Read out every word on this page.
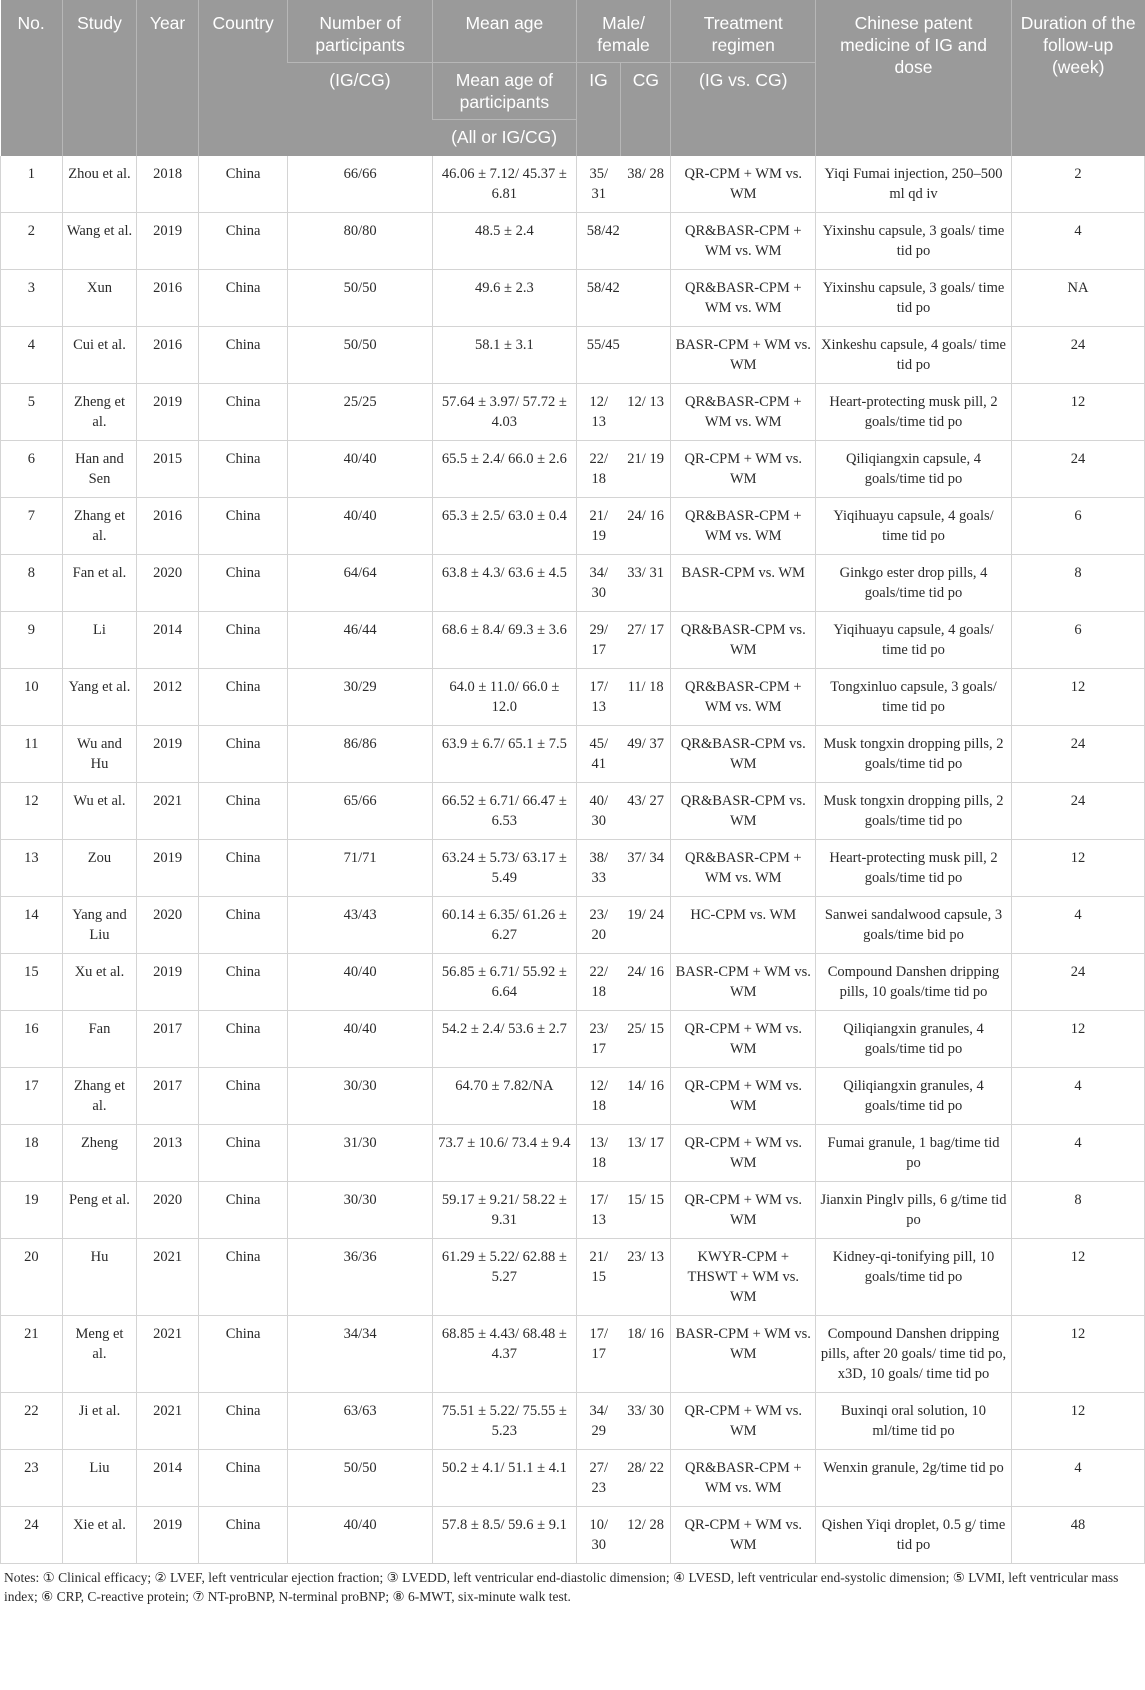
No.	Study	Year	Country	Number of participants	Mean age	Male/ female		Treatment regimen	Chinese patent medicine of IG and dose	Duration of the follow-up (week)
				(IG/CG)	Mean age of participants	IG	CG	(IG vs. CG)		
					(All or IG/CG)					
1	Zhou et al.	2018	China	66/66	46.06 ± 7.12/ 45.37 ± 6.81	35/ 31	38/ 28	QR-CPM + WM vs. WM	Yiqi Fumai injection, 250–500 ml qd iv	2
2	Wang et al.	2019	China	80/80	48.5 ± 2.4	58/42		QR&BASR-CPM + WM vs. WM	Yixinshu capsule, 3 goals/ time tid po	4
3	Xun	2016	China	50/50	49.6 ± 2.3	58/42		QR&BASR-CPM + WM vs. WM	Yixinshu capsule, 3 goals/ time tid po	NA
4	Cui et al.	2016	China	50/50	58.1 ± 3.1	55/45		BASR-CPM + WM vs. WM	Xinkeshu capsule, 4 goals/ time tid po	24
5	Zheng et al.	2019	China	25/25	57.64 ± 3.97/ 57.72 ± 4.03	12/ 13	12/ 13	QR&BASR-CPM + WM vs. WM	Heart-protecting musk pill, 2 goals/time tid po	12
6	Han and Sen	2015	China	40/40	65.5 ± 2.4/ 66.0 ± 2.6	22/ 18	21/ 19	QR-CPM + WM vs. WM	Qiliqiangxin capsule, 4 goals/time tid po	24
7	Zhang et al.	2016	China	40/40	65.3 ± 2.5/ 63.0 ± 0.4	21/ 19	24/ 16	QR&BASR-CPM + WM vs. WM	Yiqihuayu capsule, 4 goals/ time tid po	6
8	Fan et al.	2020	China	64/64	63.8 ± 4.3/ 63.6 ± 4.5	34/ 30	33/ 31	BASR-CPM vs. WM	Ginkgo ester drop pills, 4 goals/time tid po	8
9	Li	2014	China	46/44	68.6 ± 8.4/ 69.3 ± 3.6	29/ 17	27/ 17	QR&BASR-CPM vs. WM	Yiqihuayu capsule, 4 goals/ time tid po	6
10	Yang et al.	2012	China	30/29	64.0 ± 11.0/ 66.0 ± 12.0	17/ 13	11/ 18	QR&BASR-CPM + WM vs. WM	Tongxinluo capsule, 3 goals/ time tid po	12
11	Wu and Hu	2019	China	86/86	63.9 ± 6.7/ 65.1 ± 7.5	45/ 41	49/ 37	QR&BASR-CPM vs. WM	Musk tongxin dropping pills, 2 goals/time tid po	24
12	Wu et al.	2021	China	65/66	66.52 ± 6.71/ 66.47 ± 6.53	40/ 30	43/ 27	QR&BASR-CPM vs. WM	Musk tongxin dropping pills, 2 goals/time tid po	24
13	Zou	2019	China	71/71	63.24 ± 5.73/ 63.17 ± 5.49	38/ 33	37/ 34	QR&BASR-CPM + WM vs. WM	Heart-protecting musk pill, 2 goals/time tid po	12
14	Yang and Liu	2020	China	43/43	60.14 ± 6.35/ 61.26 ± 6.27	23/ 20	19/ 24	HC-CPM vs. WM	Sanwei sandalwood capsule, 3 goals/time bid po	4
15	Xu et al.	2019	China	40/40	56.85 ± 6.71/ 55.92 ± 6.64	22/ 18	24/ 16	BASR-CPM + WM vs. WM	Compound Danshen dripping pills, 10 goals/time tid po	24
16	Fan	2017	China	40/40	54.2 ± 2.4/ 53.6 ± 2.7	23/ 17	25/ 15	QR-CPM + WM vs. WM	Qiliqiangxin granules, 4 goals/time tid po	12
17	Zhang et al.	2017	China	30/30	64.70 ± 7.82/NA	12/ 18	14/ 16	QR-CPM + WM vs. WM	Qiliqiangxin granules, 4 goals/time tid po	4
18	Zheng	2013	China	31/30	73.7 ± 10.6/ 73.4 ± 9.4	13/ 18	13/ 17	QR-CPM + WM vs. WM	Fumai granule, 1 bag/time tid po	4
19	Peng et al.	2020	China	30/30	59.17 ± 9.21/ 58.22 ± 9.31	17/ 13	15/ 15	QR-CPM + WM vs. WM	Jianxin Pinglv pills, 6 g/time tid po	8
20	Hu	2021	China	36/36	61.29 ± 5.22/ 62.88 ± 5.27	21/ 15	23/ 13	KWYR-CPM + THSWT + WM vs. WM	Kidney-qi-tonifying pill, 10 goals/time tid po	12
21	Meng et al.	2021	China	34/34	68.85 ± 4.43/ 68.48 ± 4.37	17/ 17	18/ 16	BASR-CPM + WM vs. WM	Compound Danshen dripping pills, after 20 goals/ time tid po, x3D, 10 goals/ time tid po	12
22	Ji et al.	2021	China	63/63	75.51 ± 5.22/ 75.55 ± 5.23	34/ 29	33/ 30	QR-CPM + WM vs. WM	Buxinqi oral solution, 10 ml/time tid po	12
23	Liu	2014	China	50/50	50.2 ± 4.1/ 51.1 ± 4.1	27/ 23	28/ 22	QR&BASR-CPM + WM vs. WM	Wenxin granule, 2g/time tid po	4
24	Xie et al.	2019	China	40/40	57.8 ± 8.5/ 59.6 ± 9.1	10/ 30	12/ 28	QR-CPM + WM vs. WM	Qishen Yiqi droplet, 0.5 g/ time tid po	48
Notes: ① Clinical efficacy; ② LVEF, left ventricular ejection fraction; ③ LVEDD, left ventricular end-diastolic dimension; ④ LVESD, left ventricular end-systolic dimension; ⑤ LVMI, left ventricular mass index; ⑥ CRP, C-reactive protein; ⑦ NT-proBNP, N-terminal proBNP; ⑧ 6-MWT, six-minute walk test.
